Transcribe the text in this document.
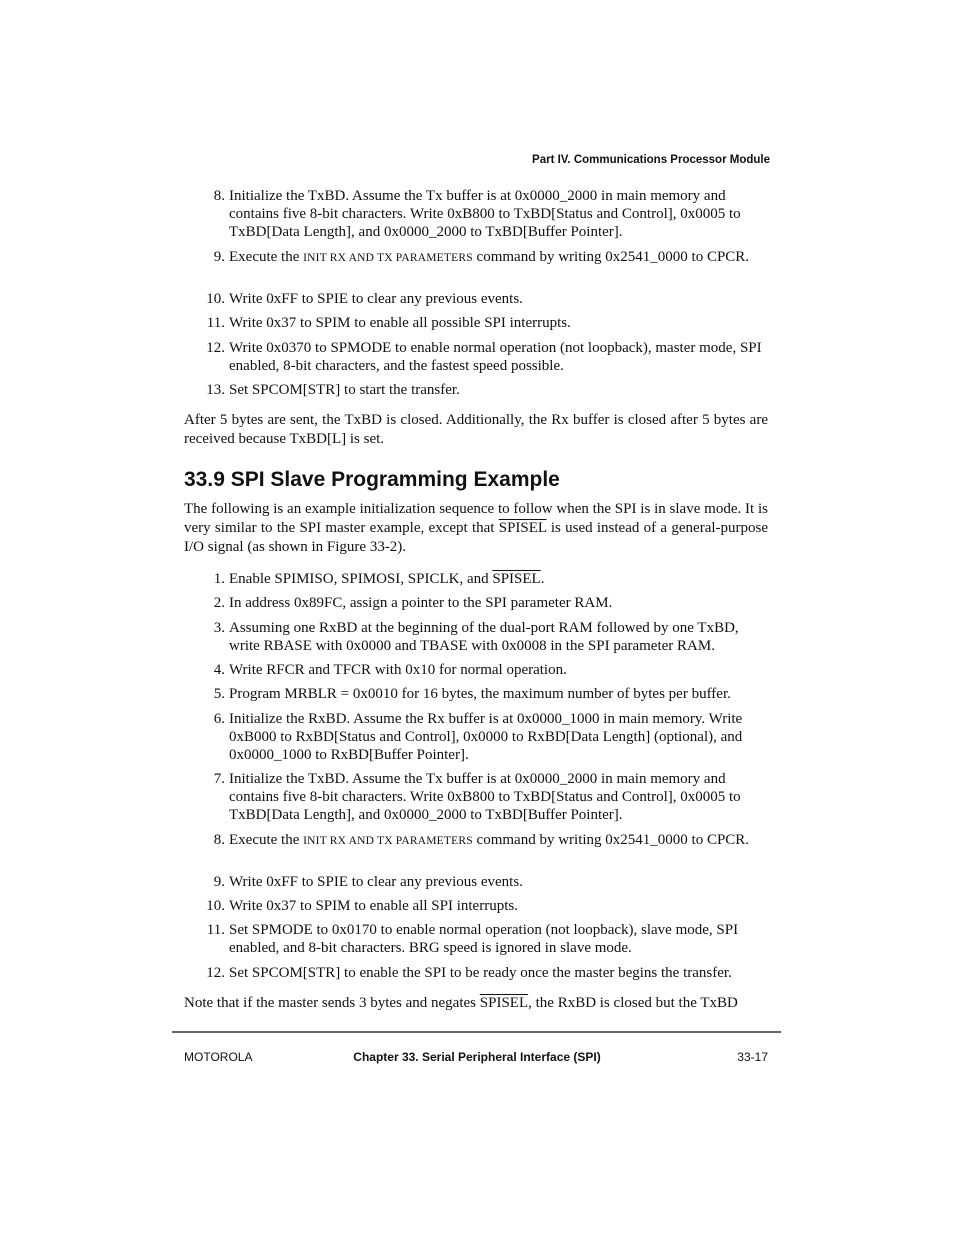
Part IV. Communications Processor Module
8. Initialize the TxBD. Assume the Tx buffer is at 0x0000_2000 in main memory and contains five 8-bit characters. Write 0xB800 to TxBD[Status and Control], 0x0005 to TxBD[Data Length], and 0x0000_2000 to TxBD[Buffer Pointer].
9. Execute the INIT RX AND TX PARAMETERS command by writing 0x2541_0000 to CPCR.
10. Write 0xFF to SPIE to clear any previous events.
11. Write 0x37 to SPIM to enable all possible SPI interrupts.
12. Write 0x0370 to SPMODE to enable normal operation (not loopback), master mode, SPI enabled, 8-bit characters, and the fastest speed possible.
13. Set SPCOM[STR] to start the transfer.
After 5 bytes are sent, the TxBD is closed. Additionally, the Rx buffer is closed after 5 bytes are received because TxBD[L] is set.
33.9 SPI Slave Programming Example
The following is an example initialization sequence to follow when the SPI is in slave mode. It is very similar to the SPI master example, except that SPISEL is used instead of a general-purpose I/O signal (as shown in Figure 33-2).
1. Enable SPIMISO, SPIMOSI, SPICLK, and SPISEL.
2. In address 0x89FC, assign a pointer to the SPI parameter RAM.
3. Assuming one RxBD at the beginning of the dual-port RAM followed by one TxBD, write RBASE with 0x0000 and TBASE with 0x0008 in the SPI parameter RAM.
4. Write RFCR and TFCR with 0x10 for normal operation.
5. Program MRBLR = 0x0010 for 16 bytes, the maximum number of bytes per buffer.
6. Initialize the RxBD. Assume the Rx buffer is at 0x0000_1000 in main memory. Write 0xB000 to RxBD[Status and Control], 0x0000 to RxBD[Data Length] (optional), and 0x0000_1000 to RxBD[Buffer Pointer].
7. Initialize the TxBD. Assume the Tx buffer is at 0x0000_2000 in main memory and contains five 8-bit characters. Write 0xB800 to TxBD[Status and Control], 0x0005 to TxBD[Data Length], and 0x0000_2000 to TxBD[Buffer Pointer].
8. Execute the INIT RX AND TX PARAMETERS command by writing 0x2541_0000 to CPCR.
9. Write 0xFF to SPIE to clear any previous events.
10. Write 0x37 to SPIM to enable all SPI interrupts.
11. Set SPMODE to 0x0170 to enable normal operation (not loopback), slave mode, SPI enabled, and 8-bit characters. BRG speed is ignored in slave mode.
12. Set SPCOM[STR] to enable the SPI to be ready once the master begins the transfer.
Note that if the master sends 3 bytes and negates SPISEL, the RxBD is closed but the TxBD
MOTOROLA	Chapter 33. Serial Peripheral Interface (SPI)	33-17
